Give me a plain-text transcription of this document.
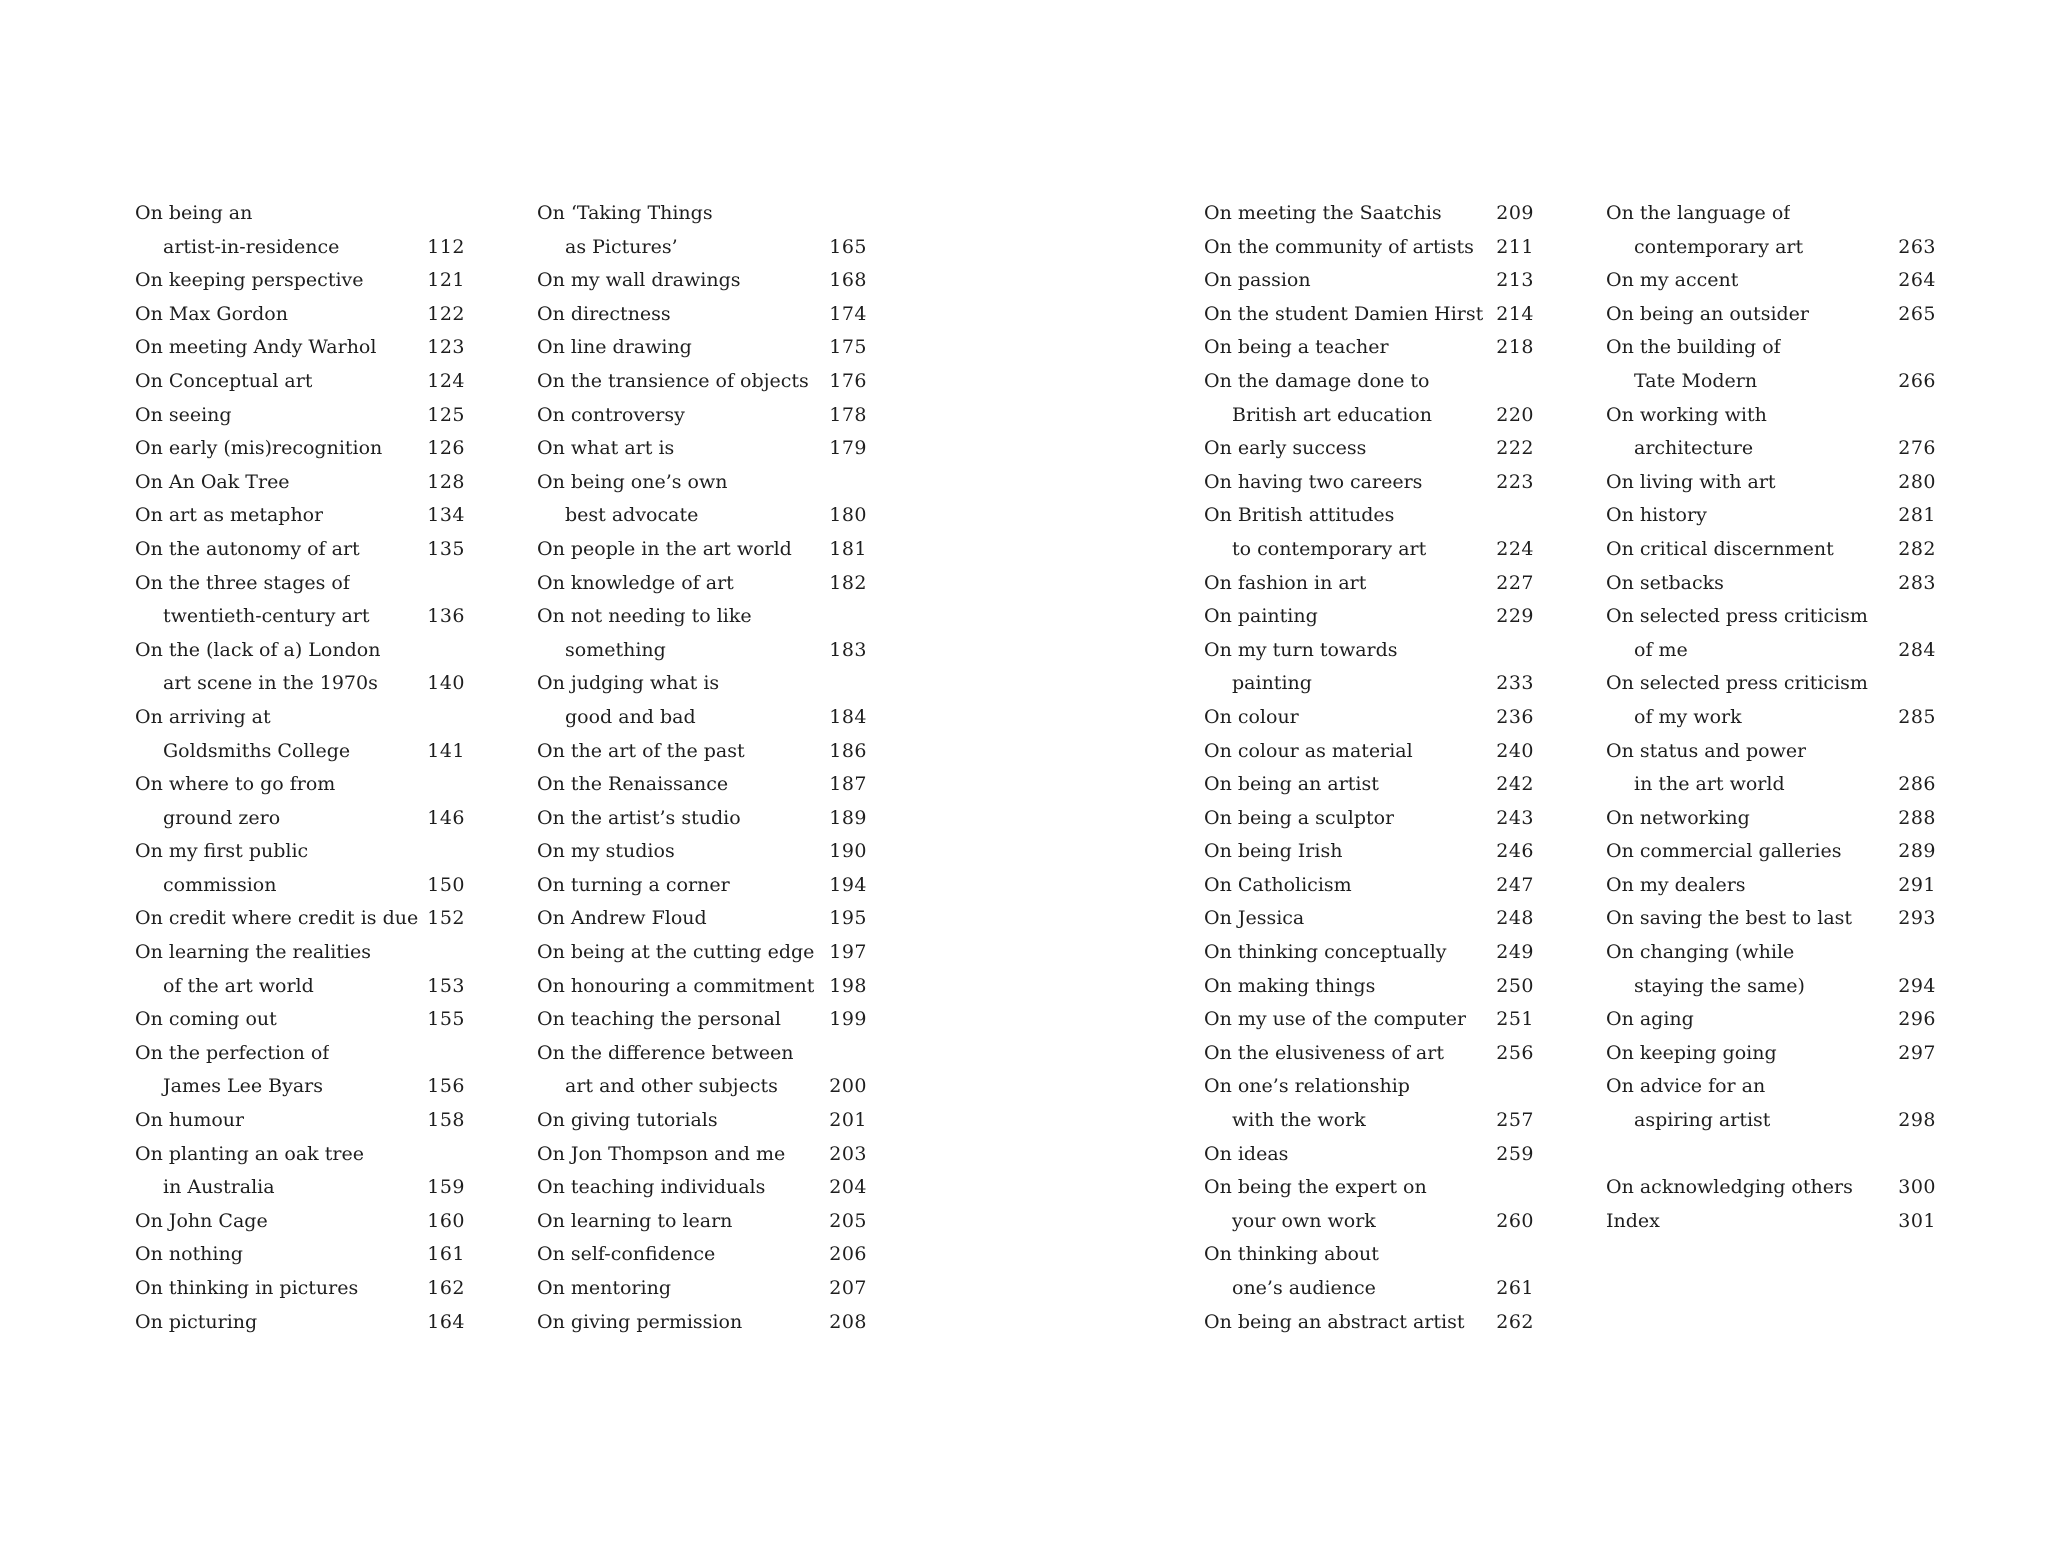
On being an
artist-in-residence	112
On keeping perspective	121
On Max Gordon	122
On meeting Andy Warhol	123
On Conceptual art	124
On seeing	125
On early (mis)recognition	126
On An Oak Tree	128
On art as metaphor	134
On the autonomy of art	135
On the three stages of
twentieth-century art	136
On the (lack of a) London
art scene in the 1970s	140
On arriving at
Goldsmiths College	141
On where to go from
ground zero	146
On my first public
commission	150
On credit where credit is due 152
On learning the realities
of the art world	153
On coming out	155
On the perfection of
James Lee Byars	156
On humour	158
On planting an oak tree
in Australia	159
On John Cage	160
On nothing	161
On thinking in pictures	162
On picturing	164
On ‘Taking Things
as Pictures’	165
On my wall drawings	168
On directness	174
On line drawing	175
On the transience of objects	176
On controversy	178
On what art is	179
On being one’s own
best advocate	180
On people in the art world	181
On knowledge of art	182
On not needing to like
something	183
On judging what is
good and bad	184
On the art of the past	186
On the Renaissance	187
On the artist’s studio	189
On my studios	190
On turning a corner	194
On Andrew Floud	195
On being at the cutting edge 197
On honouring a commitment 198
On teaching the personal	199
On the difference between
art and other subjects	200
On giving tutorials	201
On Jon Thompson and me	203
On teaching individuals	204
On learning to learn	205
On self-confidence	206
On mentoring	207
On giving permission	208
On meeting the Saatchis	209
On the community of artists	211
On passion	213
On the student Damien Hirst 214
On being a teacher	218
On the damage done to
British art education	220
On early success	222
On having two careers	223
On British attitudes
to contemporary art	224
On fashion in art	227
On painting	229
On my turn towards
painting	233
On colour	236
On colour as material	240
On being an artist	242
On being a sculptor	243
On being Irish	246
On Catholicism	247
On Jessica	248
On thinking conceptually	249
On making things	250
On my use of the computer	251
On the elusiveness of art	256
On one’s relationship
with the work	257
On ideas	259
On being the expert on
your own work	260
On thinking about
one’s audience	261
On being an abstract artist	262
On the language of
contemporary art	263
On my accent	264
On being an outsider	265
On the building of
Tate Modern	266
On working with
architecture	276
On living with art	280
On history	281
On critical discernment	282
On setbacks	283
On selected press criticism
of me	284
On selected press criticism
of my work	285
On status and power
in the art world	286
On networking	288
On commercial galleries	289
On my dealers	291
On saving the best to last	293
On changing (while
staying the same)	294
On aging	296
On keeping going	297
On advice for an
aspiring artist	298
On acknowledging others	300
Index	301
